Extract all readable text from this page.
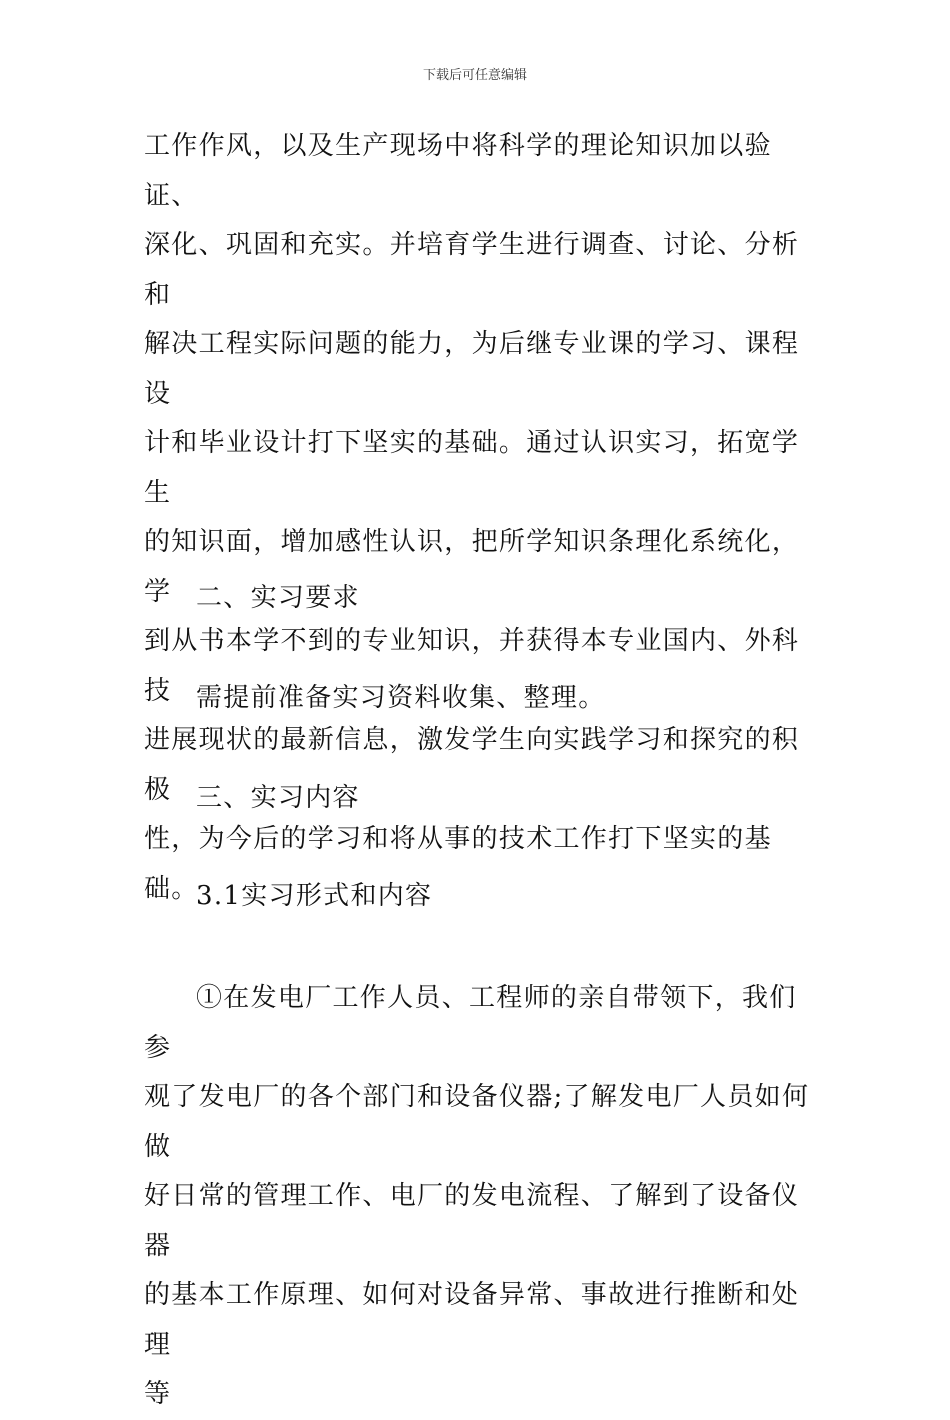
下载后可任意编辑
工作作风，以及生产现场中将科学的理论知识加以验证、
深化、巩固和充实。并培育学生进行调查、讨论、分析和
解决工程实际问题的能力，为后继专业课的学习、课程设
计和毕业设计打下坚实的基础。通过认识实习，拓宽学生
的知识面，增加感性认识，把所学知识条理化系统化，学
到从书本学不到的专业知识，并获得本专业国内、外科技
进展现状的最新信息，激发学生向实践学习和探究的积极
性，为今后的学习和将从事的技术工作打下坚实的基础。
二、实习要求
需提前准备实习资料收集、整理。
三、实习内容
3.1实习形式和内容
①在发电厂工作人员、工程师的亲自带领下，我们参
观了发电厂的各个部门和设备仪器;了解发电厂人员如何做
好日常的管理工作、电厂的发电流程、了解到了设备仪器
的基本工作原理、如何对设备异常、事故进行推断和处理
等
